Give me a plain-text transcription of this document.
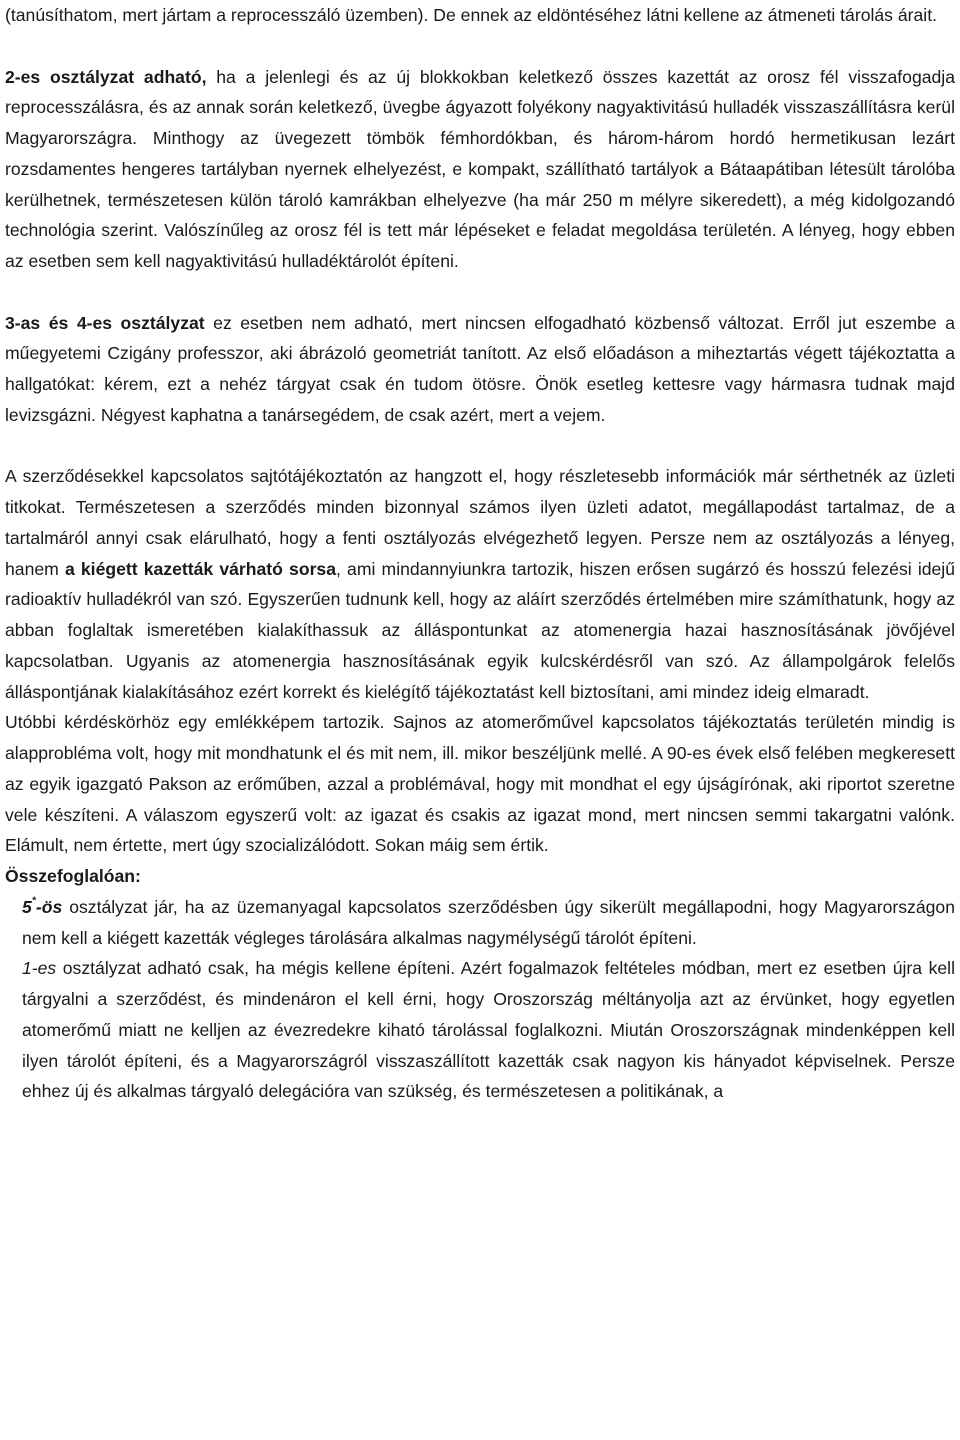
(tanúsíthatom, mert jártam a reprocesszáló üzemben). De ennek az eldöntéséhez látni kellene az átmeneti tárolás árait.

2-es osztályzat adható, ha a jelenlegi és az új blokkokban keletkező összes kazettát az orosz fél visszafogadja reprocesszálásra, és az annak során keletkező, üvegbe ágyazott folyékony nagyaktivitású hulladék visszaszállításra kerül Magyarországra. Minthogy az üvegezett tömbök fémhordókban, és három-három hordó hermetikusan lezárt rozsdamentes hengeres tartályban nyernek elhelyezést, e kompakt, szállítható tartályok a Bátaapátiban létesült tárolóba kerülhetnek, természetesen külön tároló kamrákban elhelyezve (ha már 250 m mélyre sikeredett), a még kidolgozandó technológia szerint. Valószínűleg az orosz fél is tett már lépéseket e feladat megoldása területén. A lényeg, hogy ebben az esetben sem kell nagyaktivitású hulladéktárolót építeni.

3-as és 4-es osztályzat ez esetben nem adható, mert nincsen elfogadható közbenső változat. Erről jut eszembe a műegyetemi Czigány professzor, aki ábrázoló geometriát tanított. Az első előadáson a miheztartás végett tájékoztatta a hallgatókat: kérem, ezt a nehéz tárgyat csak én tudom ötösre. Önök esetleg kettesre vagy hármasra tudnak majd levizsgázni. Négyest kaphatna a tanársegédem, de csak azért, mert a vejem.

A szerződésekkel kapcsolatos sajtótájékoztatón az hangzott el, hogy részletesebb információk már sérthetnék az üzleti titkokat. Természetesen a szerződés minden bizonnyal számos ilyen üzleti adatot, megállapodást tartalmaz, de a tartalmáról annyi csak elárulható, hogy a fenti osztályozás elvégezhető legyen. Persze nem az osztályozás a lényeg, hanem a kiégett kazetták várható sorsa, ami mindannyiunkra tartozik, hiszen erősen sugárzó és hosszú felezési idejű radioaktív hulladékról van szó. Egyszerűen tudnunk kell, hogy az aláírt szerződés értelmében mire számíthatunk, hogy az abban foglaltak ismeretében kialakíthassuk az álláspontunkat az atomenergia hazai hasznosításának jövőjével kapcsolatban. Ugyanis az atomenergia hasznosításának egyik kulcskérdésről van szó. Az állampolgárok felelős álláspontjának kialakításához ezért korrekt és kielégítő tájékoztatást kell biztosítani, ami mindez ideig elmaradt.

Utóbbi kérdéskörhöz egy emlékképem tartozik. Sajnos az atomerőművel kapcsolatos tájékoztatás területén mindig is alapprobléma volt, hogy mit mondhatunk el és mit nem, ill. mikor beszéljünk mellé. A 90-es évek első felében megkeresett az egyik igazgató Pakson az erőműben, azzal a problémával, hogy mit mondhat el egy újságírónak, aki riportot szeretne vele készíteni. A válaszom egyszerű volt: az igazat és csakis az igazat mond, mert nincsen semmi takargatni valónk. Elámult, nem értette, mert úgy szocializálódott. Sokan máig sem értik.

Összefoglalóan:

5*-ös osztályzat jár, ha az üzemanyagal kapcsolatos szerződésben úgy sikerült megállapodni, hogy Magyarországon nem kell a kiégett kazetták végleges tárolására alkalmas nagymélységű tárolót építeni.

1-es osztályzat adható csak, ha mégis kellene építeni. Azért fogalmazok feltételes módban, mert ez esetben újra kell tárgyalni a szerződést, és mindenáron el kell érni, hogy Oroszország méltányolja azt az érvünket, hogy egyetlen atomerőmű miatt ne kelljen az évezredekre kiható tárolással foglalkozni. Miután Oroszországnak mindenképpen kell ilyen tárolót építeni, és a Magyarországról visszaszállított kazetták csak nagyon kis hányadot képviselnek. Persze ehhez új és alkalmas tárgyaló delegációra van szükség, és természetesen a politikának, a
